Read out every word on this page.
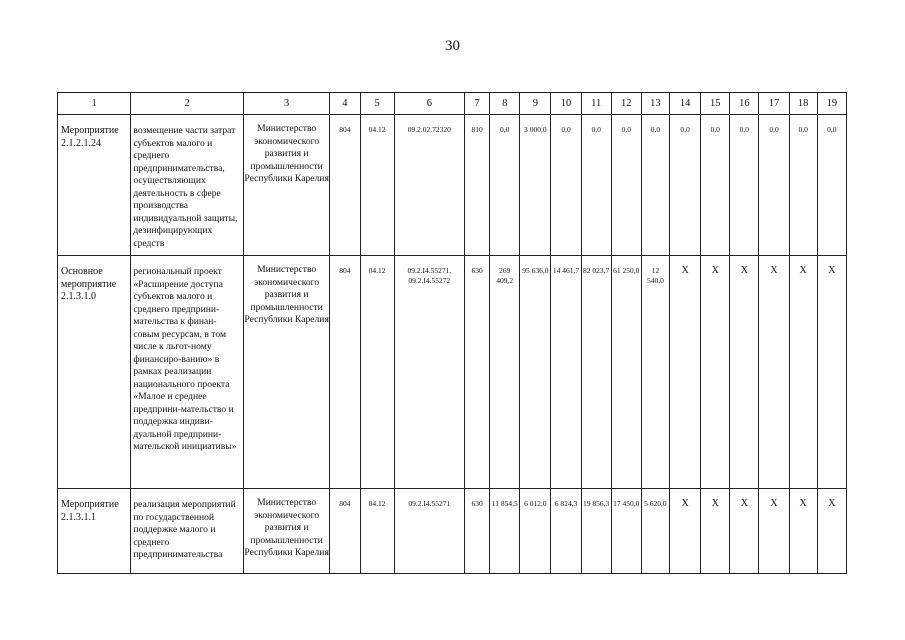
30
1	2	3	4	5	6	7	8	9	10	11	12	13	14	15	16	17	18	19

Мероприятие 2.1.2.1.24	возмещение части затрат субъектов малого и среднего предпринимательства, осуществляющих деятельность в сфере производства индивидуальной защиты, дезинфицирующих средств	Министерство экономического развития и промышленности Республики Карелия	804	04.12	09.2.02.72320	810	0,0	3 000,0	0,0	0,0	0,0	0,0	0,0	0,0	0,0	0,0	0,0	0,0

Основное мероприятие 2.1.3.1.0	региональный проект «Расширение доступа субъектов малого и среднего предприни-мательства к финан-совым ресурсам, в том числе к льгот-ному финансиро-ванию» в рамках реализации национального проекта «Малое и среднее предприни-мательство и поддержка индиви-дуальной предприни-мательской инициативы»	Министерство экономического развития и промышленности Республики Карелия	804	04.12	09.2.I4.55271, 09.2.I4.55272	630	269 409,2	95 636,0	14 461,7	82 023,7	61 250,0	12 540,0	X	X	X	X	X	X

Мероприятие 2.1.3.1.1	реализация мероприятий по государственной поддержке малого и среднего предпринимательства	Министерство экономического развития и промышленности Республики Карелия	804	04.12	09.2.I4.55271	630	11 854,5	6 012,0	6 824,3	19 856,3	17 450,0	5 620,0	X	X	X	X	X	X
